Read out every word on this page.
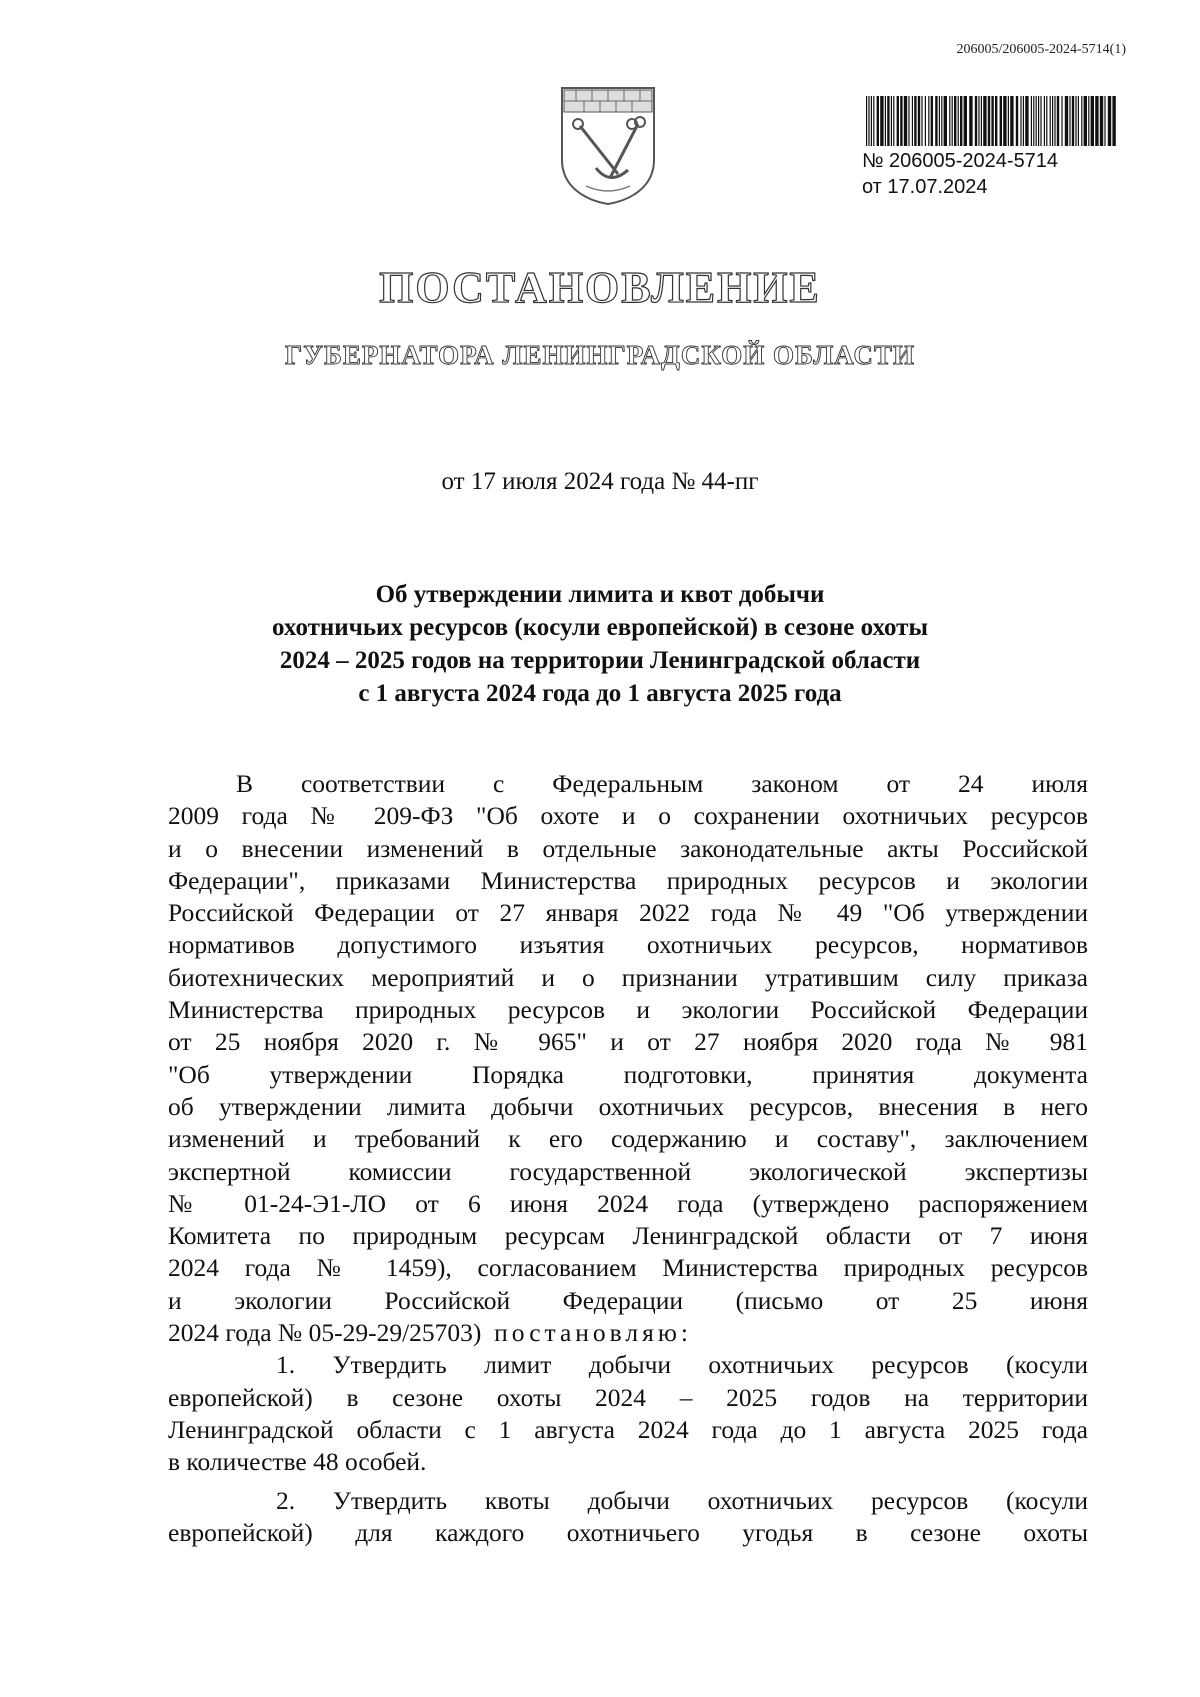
206005/206005-2024-5714(1)
№ 206005-2024-5714
от 17.07.2024
ПОСТАНОВЛЕНИЕ
ГУБЕРНАТОРА ЛЕНИНГРАДСКОЙ ОБЛАСТИ
от 17 июля 2024 года № 44-пг
Об утверждении лимита и квот добычи
охотничьих ресурсов (косули европейской) в сезоне охоты
2024 – 2025 годов на территории Ленинградской области
с 1 августа 2024 года до 1 августа 2025 года
В соответствии с Федеральным законом от 24 июля
2009 года № 209-ФЗ "Об охоте и о сохранении охотничьих ресурсов
и о внесении изменений в отдельные законодательные акты Российской
Федерации", приказами Министерства природных ресурсов и экологии
Российской Федерации от 27 января 2022 года № 49 "Об утверждении
нормативов допустимого изъятия охотничьих ресурсов, нормативов
биотехнических мероприятий и о признании утратившим силу приказа
Министерства природных ресурсов и экологии Российской Федерации
от 25 ноября 2020 г. № 965" и от 27 ноября 2020 года № 981
"Об утверждении Порядка подготовки, принятия документа
об утверждении лимита добычи охотничьих ресурсов, внесения в него
изменений и требований к его содержанию и составу", заключением
экспертной комиссии государственной экологической экспертизы
№ 01-24-Э1-ЛО от 6 июня 2024 года (утверждено распоряжением
Комитета по природным ресурсам Ленинградской области от 7 июня
2024 года № 1459), согласованием Министерства природных ресурсов
и экологии Российской Федерации (письмо от 25 июня
2024 года № 05-29-29/25703) постановляю:
1. Утвердить лимит добычи охотничьих ресурсов (косули
европейской) в сезоне охоты 2024 – 2025 годов на территории
Ленинградской области с 1 августа 2024 года до 1 августа 2025 года
в количестве 48 особей.
2. Утвердить квоты добычи охотничьих ресурсов (косули
европейской) для каждого охотничьего угодья в сезоне охоты
